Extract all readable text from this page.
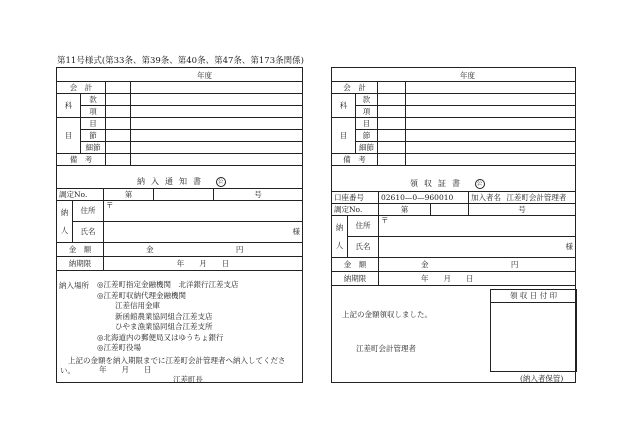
第11号様式(第33条、第39条、第40条、第47条、第173条関係)
年度
会　計			
科	款		
	項		
目	目		
	節		
	細節		
備　考			
納入通知書 公
調定No.		第		号
納
人	住所	〒		
	氏名	様		
金　額		金 円		
納期限		年　　月　　日		
納入場所 ◎江差町指定金融機関　北洋銀行江差支店
◎江差町収納代理金融機関
江差信用金庫
新函館農業協同組合江差支店
ひやま漁業協同組合江差支所
◎北海道内の郵便局又はゆうちょ銀行
◎江差町役場
上記の金額を納入期限までに江差町会計管理者へ納入してください。	年　　月　　日
江差町長
年度
会　計			
科	款		
	項		
目	目		
	節		
	細節		
備　考			
領収証書 公
口座番号		02610—0—960010		加入者名 江差町会計管理者
調定No.		第		号
納
人	住所	〒		
	氏名	様		
金　額		金 円		
納期限		年　　月　　日		
領 収 日 付 印
上記の金額領収しました。
江差町会計管理者
(納入者保管)
